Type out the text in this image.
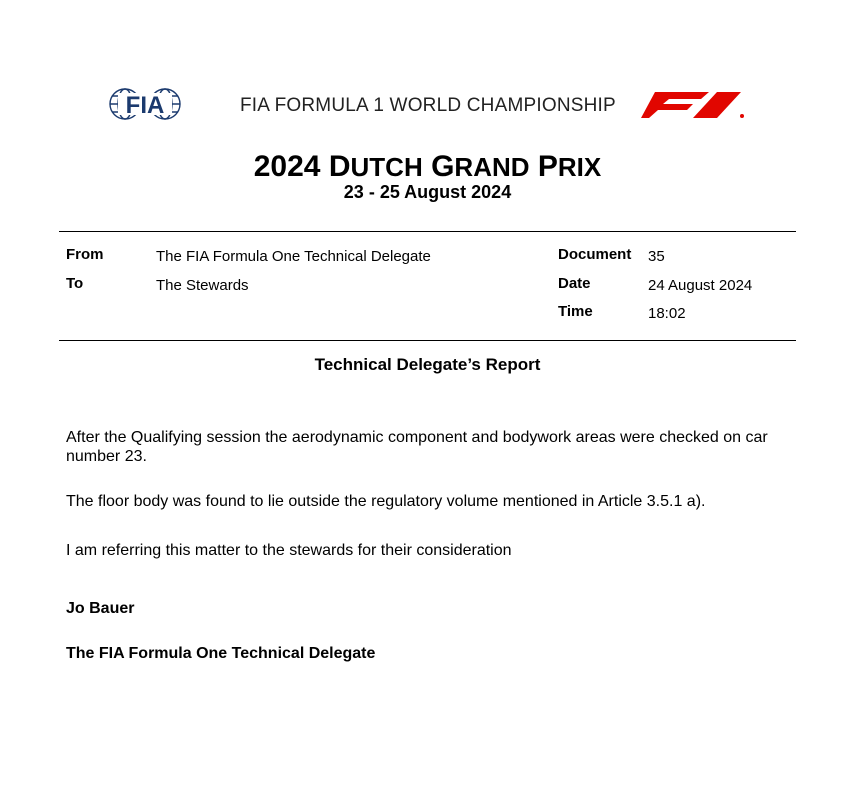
FIA	FIA FORMULA 1 WORLD CHAMPIONSHIP
2024 DUTCH GRAND PRIX
23 - 25 August 2024
From	The FIA Formula One Technical Delegate
To	The Stewards
Document 35
Date	24 August 2024
Time	18:02
Technical Delegate’s Report
After the Qualifying session the aerodynamic component and bodywork areas were checked on car number 23.
The floor body was found to lie outside the regulatory volume mentioned in Article 3.5.1 a).
I am referring this matter to the stewards for their consideration
Jo Bauer
The FIA Formula One Technical Delegate
